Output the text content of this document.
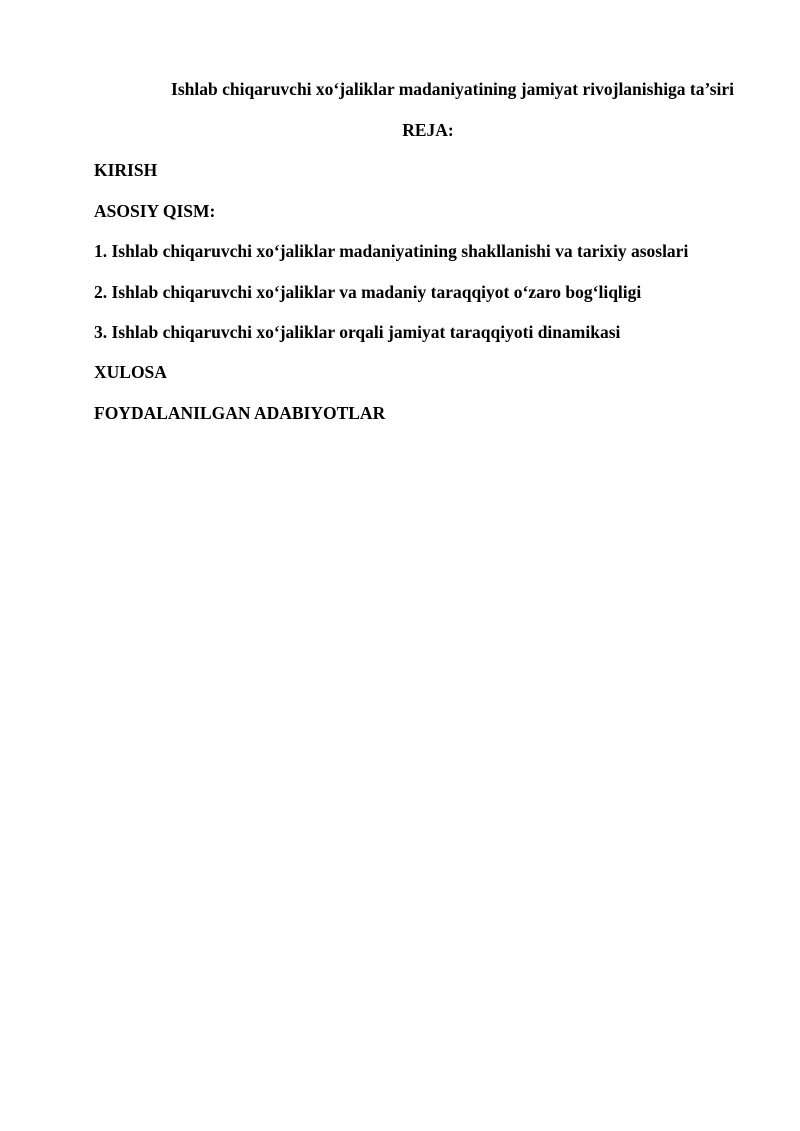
Ishlab chiqaruvchi xo‘jaliklar madaniyatining jamiyat rivojlanishiga ta’siri
REJA:
KIRISH
ASOSIY QISM:
1. Ishlab chiqaruvchi xo‘jaliklar madaniyatining shakllanishi va tarixiy asoslari
2. Ishlab chiqaruvchi xo‘jaliklar va madaniy taraqqiyot o‘zaro bog‘liqligi
3. Ishlab chiqaruvchi xo‘jaliklar orqali jamiyat taraqqiyoti dinamikasi
XULOSA
FOYDALANILGAN ADABIYOTLAR
